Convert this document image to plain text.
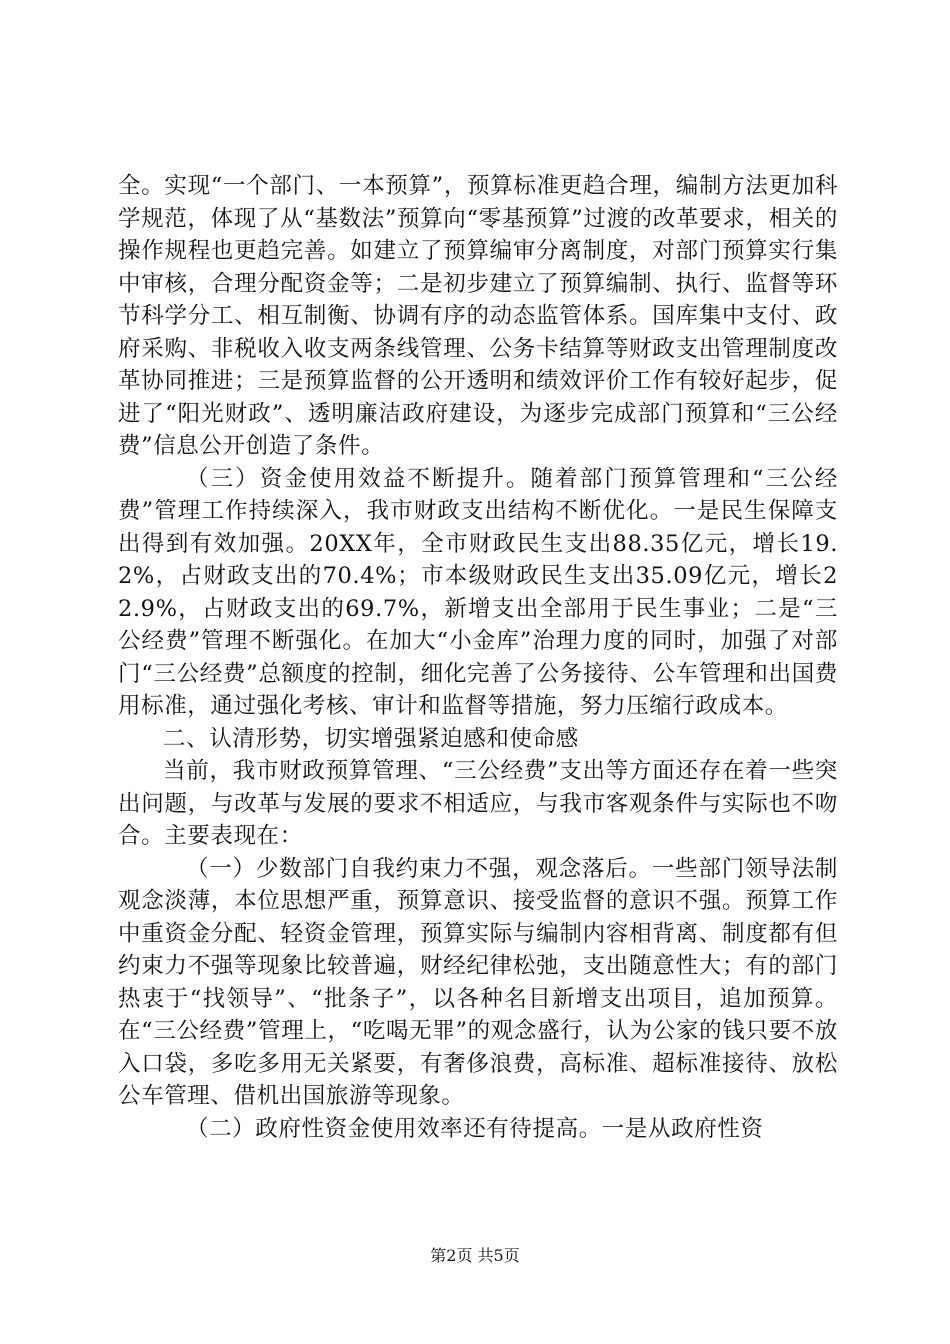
全。实现“一个部门、一本预算”，预算标准更趋合理，编制方法更加科学规范，体现了从“基数法”预算向“零基预算”过渡的改革要求，相关的操作规程也更趋完善。如建立了预算编审分离制度，对部门预算实行集中审核，合理分配资金等；二是初步建立了预算编制、执行、监督等环节科学分工、相互制衡、协调有序的动态监管体系。国库集中支付、政府采购、非税收入收支两条线管理、公务卡结算等财政支出管理制度改革协同推进；三是预算监督的公开透明和绩效评价工作有较好起步，促进了“阳光财政”、透明廉洁政府建设，为逐步完成部门预算和“三公经费”信息公开创造了条件。

（三）资金使用效益不断提升。随着部门预算管理和“三公经费”管理工作持续深入，我市财政支出结构不断优化。一是民生保障支出得到有效加强。20XX年，全市财政民生支出88.35亿元，增长19.2%，占财政支出的70.4%；市本级财政民生支出35.09亿元，增长22.9%，占财政支出的69.7%，新增支出全部用于民生事业；二是“三公经费”管理不断强化。在加大“小金库”治理力度的同时，加强了对部门“三公经费”总额度的控制，细化完善了公务接待、公车管理和出国费用标准，通过强化考核、审计和监督等措施，努力压缩行政成本。

二、认清形势，切实增强紧迫感和使命感

当前，我市财政预算管理、“三公经费”支出等方面还存在着一些突出问题，与改革与发展的要求不相适应，与我市客观条件与实际也不吻合。主要表现在：

（一）少数部门自我约束力不强，观念落后。一些部门领导法制观念淡薄，本位思想严重，预算意识、接受监督的意识不强。预算工作中重资金分配、轻资金管理，预算实际与编制内容相背离、制度都有但约束力不强等现象比较普遍，财经纪律松弛，支出随意性大；有的部门热衷于“找领导”、“批条子”，以各种名目新增支出项目，追加预算。在“三公经费”管理上，“吃喝无罪”的观念盛行，认为公家的钱只要不放入口袋，多吃多用无关紧要，有奢侈浪费，高标准、超标准接待、放松公车管理、借机出国旅游等现象。

（二）政府性资金使用效率还有待提高。一是从政府性资

第2页 共5页
